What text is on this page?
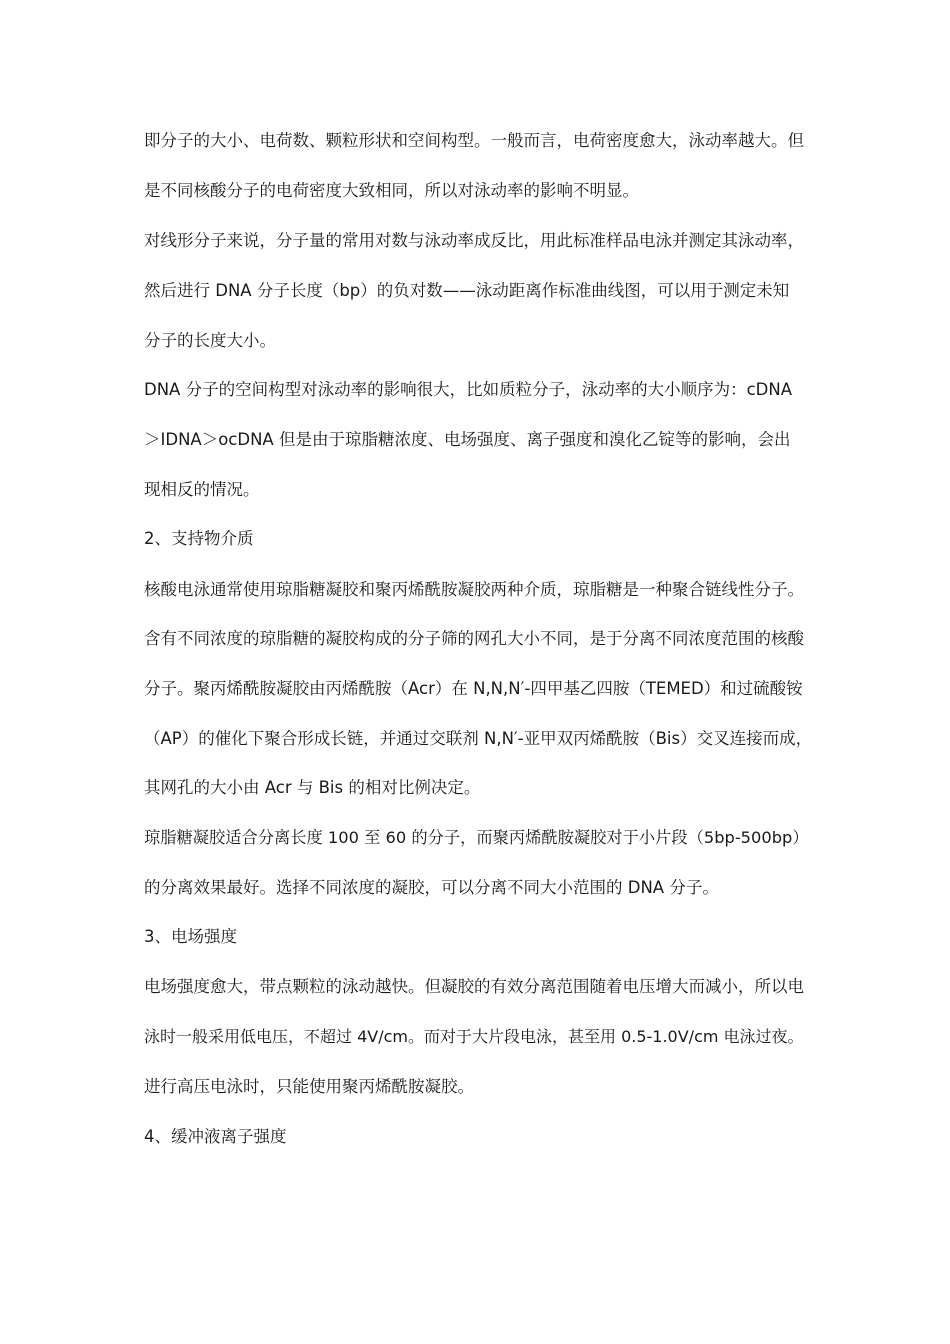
即分子的大小、电荷数、颗粒形状和空间构型。一般而言，电荷密度愈大，泳动率越大。但
是不同核酸分子的电荷密度大致相同，所以对泳动率的影响不明显。
对线形分子来说，分子量的常用对数与泳动率成反比，用此标准样品电泳并测定其泳动率，
然后进行 DNA 分子长度（bp）的负对数——泳动距离作标准曲线图，可以用于测定未知
分子的长度大小。
DNA 分子的空间构型对泳动率的影响很大，比如质粒分子，泳动率的大小顺序为：cDNA
＞IDNA＞ocDNA 但是由于琼脂糖浓度、电场强度、离子强度和溴化乙锭等的影响，会出
现相反的情况。
2、支持物介质
核酸电泳通常使用琼脂糖凝胶和聚丙烯酰胺凝胶两种介质，琼脂糖是一种聚合链线性分子。
含有不同浓度的琼脂糖的凝胶构成的分子筛的网孔大小不同，是于分离不同浓度范围的核酸
分子。聚丙烯酰胺凝胶由丙烯酰胺（Acr）在 N,N,N′-四甲基乙四胺（TEMED）和过硫酸铵
（AP）的催化下聚合形成长链，并通过交联剂 N,N′-亚甲双丙烯酰胺（Bis）交叉连接而成，
其网孔的大小由 Acr 与 Bis 的相对比例决定。
琼脂糖凝胶适合分离长度 100 至 60 的分子，而聚丙烯酰胺凝胶对于小片段（5bp-500bp）
的分离效果最好。选择不同浓度的凝胶，可以分离不同大小范围的 DNA 分子。
3、电场强度
电场强度愈大，带点颗粒的泳动越快。但凝胶的有效分离范围随着电压增大而减小，所以电
泳时一般采用低电压，不超过 4V/cm。而对于大片段电泳，甚至用 0.5-1.0V/cm 电泳过夜。
进行高压电泳时，只能使用聚丙烯酰胺凝胶。
4、缓冲液离子强度
